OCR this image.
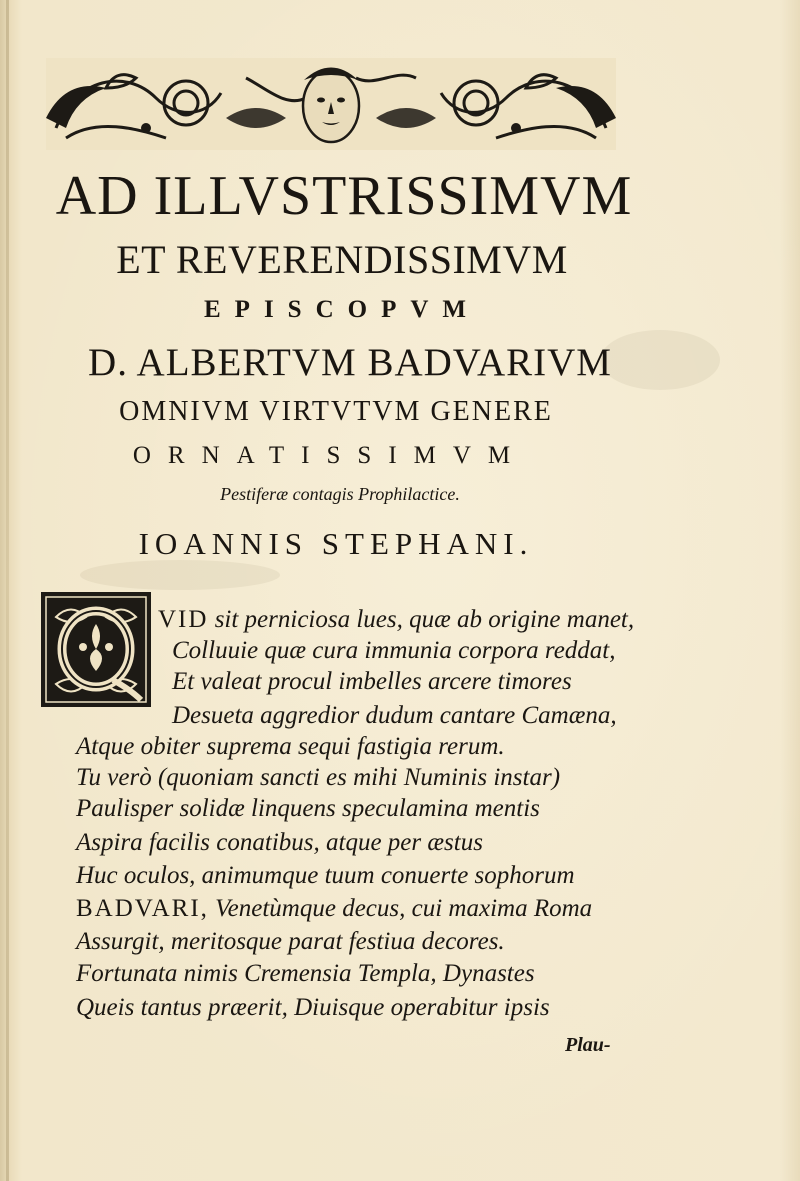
AD ILLVSTRISSIMVM
ET REVERENDISSIMVM
EPISCOPVM
D. ALBERTVM BADVARIVM
OMNIVM VIRTVTVM GENERE
ORNATISSIMVM
Pestiferæ contagis Prophilactice.
IOANNIS STEPHANI.
VID sit perniciosa lues, quæ ab origine manet,
Colluuie quæ cura immunia corpora reddat,
Et valeat procul imbelles arcere timores
Desueta aggredior dudum cantare Camæna,
Atque obiter suprema sequi fastigia rerum.
Tu verò (quoniam sancti es mihi Numinis instar)
Paulisper solidæ linquens speculamina mentis
Aspira facilis conatibus, atque per æstus
Huc oculos, animumque tuum conuerte sophorum
BADVARI, Venetùmque decus, cui maxima Roma
Assurgit, meritosque parat festiua decores.
Fortunata nimis Cremensia Templa, Dynastes
Queis tantus præerit, Diuisque operabitur ipsis
Plau-
